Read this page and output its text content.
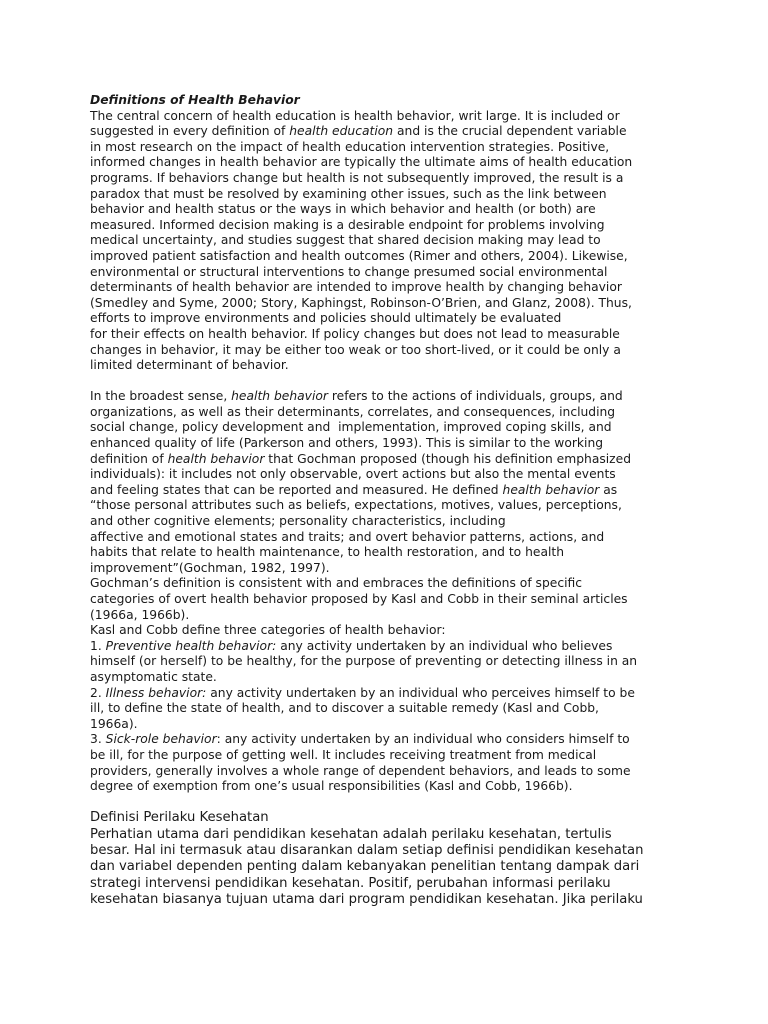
Definitions of Health Behavior
The central concern of health education is health behavior, writ large. It is included or
suggested in every definition of health education and is the crucial dependent variable
in most research on the impact of health education intervention strategies. Positive,
informed changes in health behavior are typically the ultimate aims of health education
programs. If behaviors change but health is not subsequently improved, the result is a
paradox that must be resolved by examining other issues, such as the link between
behavior and health status or the ways in which behavior and health (or both) are
measured. Informed decision making is a desirable endpoint for problems involving
medical uncertainty, and studies suggest that shared decision making may lead to
improved patient satisfaction and health outcomes (Rimer and others, 2004). Likewise,
environmental or structural interventions to change presumed social environmental
determinants of health behavior are intended to improve health by changing behavior
(Smedley and Syme, 2000; Story, Kaphingst, Robinson-O’Brien, and Glanz, 2008). Thus,
efforts to improve environments and policies should ultimately be evaluated
for their effects on health behavior. If policy changes but does not lead to measurable
changes in behavior, it may be either too weak or too short-lived, or it could be only a
limited determinant of behavior.
In the broadest sense, health behavior refers to the actions of individuals, groups, and
organizations, as well as their determinants, correlates, and consequences, including
social change, policy development and  implementation, improved coping skills, and
enhanced quality of life (Parkerson and others, 1993). This is similar to the working
definition of health behavior that Gochman proposed (though his definition emphasized
individuals): it includes not only observable, overt actions but also the mental events
and feeling states that can be reported and measured. He defined health behavior as
“those personal attributes such as beliefs, expectations, motives, values, perceptions,
and other cognitive elements; personality characteristics, including
affective and emotional states and traits; and overt behavior patterns, actions, and
habits that relate to health maintenance, to health restoration, and to health
improvement”(Gochman, 1982, 1997).
Gochman’s definition is consistent with and embraces the definitions of specific
categories of overt health behavior proposed by Kasl and Cobb in their seminal articles
(1966a, 1966b).
Kasl and Cobb define three categories of health behavior:
1. Preventive health behavior: any activity undertaken by an individual who believes
himself (or herself) to be healthy, for the purpose of preventing or detecting illness in an
asymptomatic state.
2. Illness behavior: any activity undertaken by an individual who perceives himself to be
ill, to define the state of health, and to discover a suitable remedy (Kasl and Cobb,
1966a).
3. Sick-role behavior: any activity undertaken by an individual who considers himself to
be ill, for the purpose of getting well. It includes receiving treatment from medical
providers, generally involves a whole range of dependent behaviors, and leads to some
degree of exemption from one’s usual responsibilities (Kasl and Cobb, 1966b).
Definisi Perilaku Kesehatan
Perhatian utama dari pendidikan kesehatan adalah perilaku kesehatan, tertulis
besar. Hal ini termasuk atau disarankan dalam setiap definisi pendidikan kesehatan
dan variabel dependen penting dalam kebanyakan penelitian tentang dampak dari
strategi intervensi pendidikan kesehatan. Positif, perubahan informasi perilaku
kesehatan biasanya tujuan utama dari program pendidikan kesehatan. Jika perilaku
